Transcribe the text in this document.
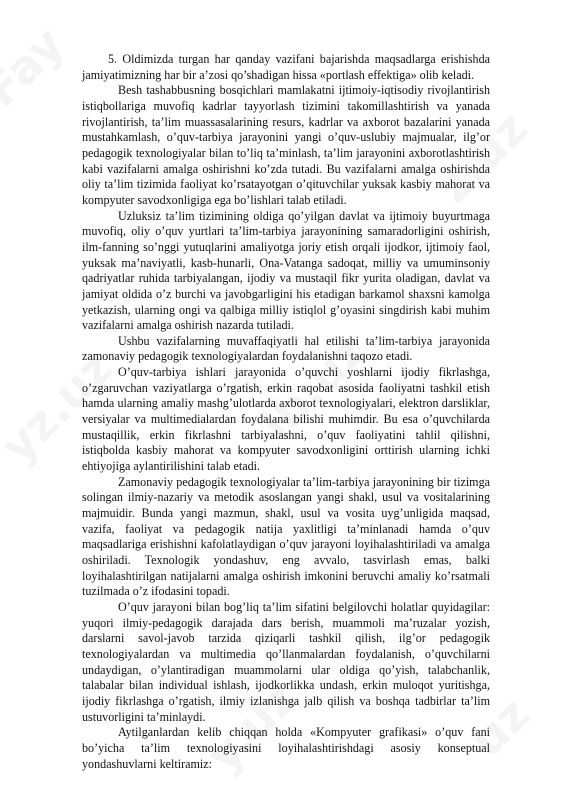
5. Oldimizda turgan har qanday vazifani bajarishda maqsadlarga erishishda jamiyatimizning har bir a’zosi qo’shadigan hissa «portlash effektiga» olib keladi.

Besh tashabbusning bosqichlari mamlakatni ijtimoiy-iqtisodiy rivojlantirish istiqbollariga muvofiq kadrlar tayyorlash tizimini takomillashtirish va yanada rivojlantirish, ta’lim muassasalarining resurs, kadrlar va axborot bazalarini yanada mustahkamlash, o’quv-tarbiya jarayonini yangi o’quv-uslubiy majmualar, ilg’or pedagogik texnologiyalar bilan to’liq ta’minlash, ta’lim jarayonini axborotlashtirish kabi vazifalarni amalga oshirishni ko’zda tutadi. Bu vazifalarni amalga oshirishda oliy ta’lim tizimida faoliyat ko’rsatayotgan o’qituvchilar yuksak kasbiy mahorat va kompyuter savodxonligiga ega bo’lishlari talab etiladi.

Uzluksiz ta’lim tizimining oldiga qo’yilgan davlat va ijtimoiy buyurtmaga muvofiq, oliy o’quv yurtlari ta’lim-tarbiya jarayonining samaradorligini oshirish, ilm-fanning so’nggi yutuqlarini amaliyotga joriy etish orqali ijodkor, ijtimoiy faol, yuksak ma’naviyatli, kasb-hunarli, Ona-Vatanga sadoqat, milliy va umuminsoniy qadriyatlar ruhida tarbiyalangan, ijodiy va mustaqil fikr yurita oladigan, davlat va jamiyat oldida o’z burchi va javobgarligini his etadigan barkamol shaxsni kamolga yetkazish, ularning ongi va qalbiga milliy istiqlol g’oyasini singdirish kabi muhim vazifalarni amalga oshirish nazarda tutiladi.

Ushbu vazifalarning muvaffaqiyatli hal etilishi ta’lim-tarbiya jarayonida zamonaviy pedagogik texnologiyalardan foydalanishni taqozo etadi.

O’quv-tarbiya ishlari jarayonida o’quvchi yoshlarni ijodiy fikrlashga, o’zgaruvchan vaziyatlarga o’rgatish, erkin raqobat asosida faoliyatni tashkil etish hamda ularning amaliy mashg’ulotlarda axborot texnologiyalari, elektron darsliklar, versiyalar va multimedialardan foydalana bilishi muhimdir. Bu esa o’quvchilarda mustaqillik, erkin fikrlashni tarbiyalashni, o’quv faoliyatini tahlil qilishni, istiqbolda kasbiy mahorat va kompyuter savodxonligini orttirish ularning ichki ehtiyojiga aylantirilishini talab etadi.

Zamonaviy pedagogik texnologiyalar ta’lim-tarbiya jarayonining bir tizimga solingan ilmiy-nazariy va metodik asoslangan yangi shakl, usul va vositalarining majmuidir. Bunda yangi mazmun, shakl, usul va vosita uyg’unligida maqsad, vazifa, faoliyat va pedagogik natija yaxlitligi ta’minlanadi hamda o’quv maqsadlariga erishishni kafolatlaydigan o’quv jarayoni loyihalashtiriladi va amalga oshiriladi. Texnologik yondashuv, eng avvalo, tasvirlash emas, balki loyihalashtirilgan natijalarni amalga oshirish imkonini beruvchi amaliy ko’rsatmali tuzilmada o’z ifodasini topadi.

O’quv jarayoni bilan bog’liq ta’lim sifatini belgilovchi holatlar quyidagilar: yuqori ilmiy-pedagogik darajada dars berish, muammoli ma’ruzalar yozish, darslarni savol-javob tarzida qiziqarli tashkil qilish, ilg’or pedagogik texnologiyalardan va multimedia qo’llanmalardan foydalanish, o’quvchilarni undaydigan, o’ylantiradigan muammolarni ular oldiga qo’yish, talabchanlik, talabalar bilan individual ishlash, ijodkorlikka undash, erkin muloqot yuritishga, ijodiy fikrlashga o’rgatish, ilmiy izlanishga jalb qilish va boshqa tadbirlar ta’lim ustuvorligini ta’minlaydi.

Aytilganlardan kelib chiqqan holda «Kompyuter grafikasi» o’quv fani bo’yicha ta’lim texnologiyasini loyihalashtirishdagi asosiy konseptual yondashuvlarni keltiramiz:
